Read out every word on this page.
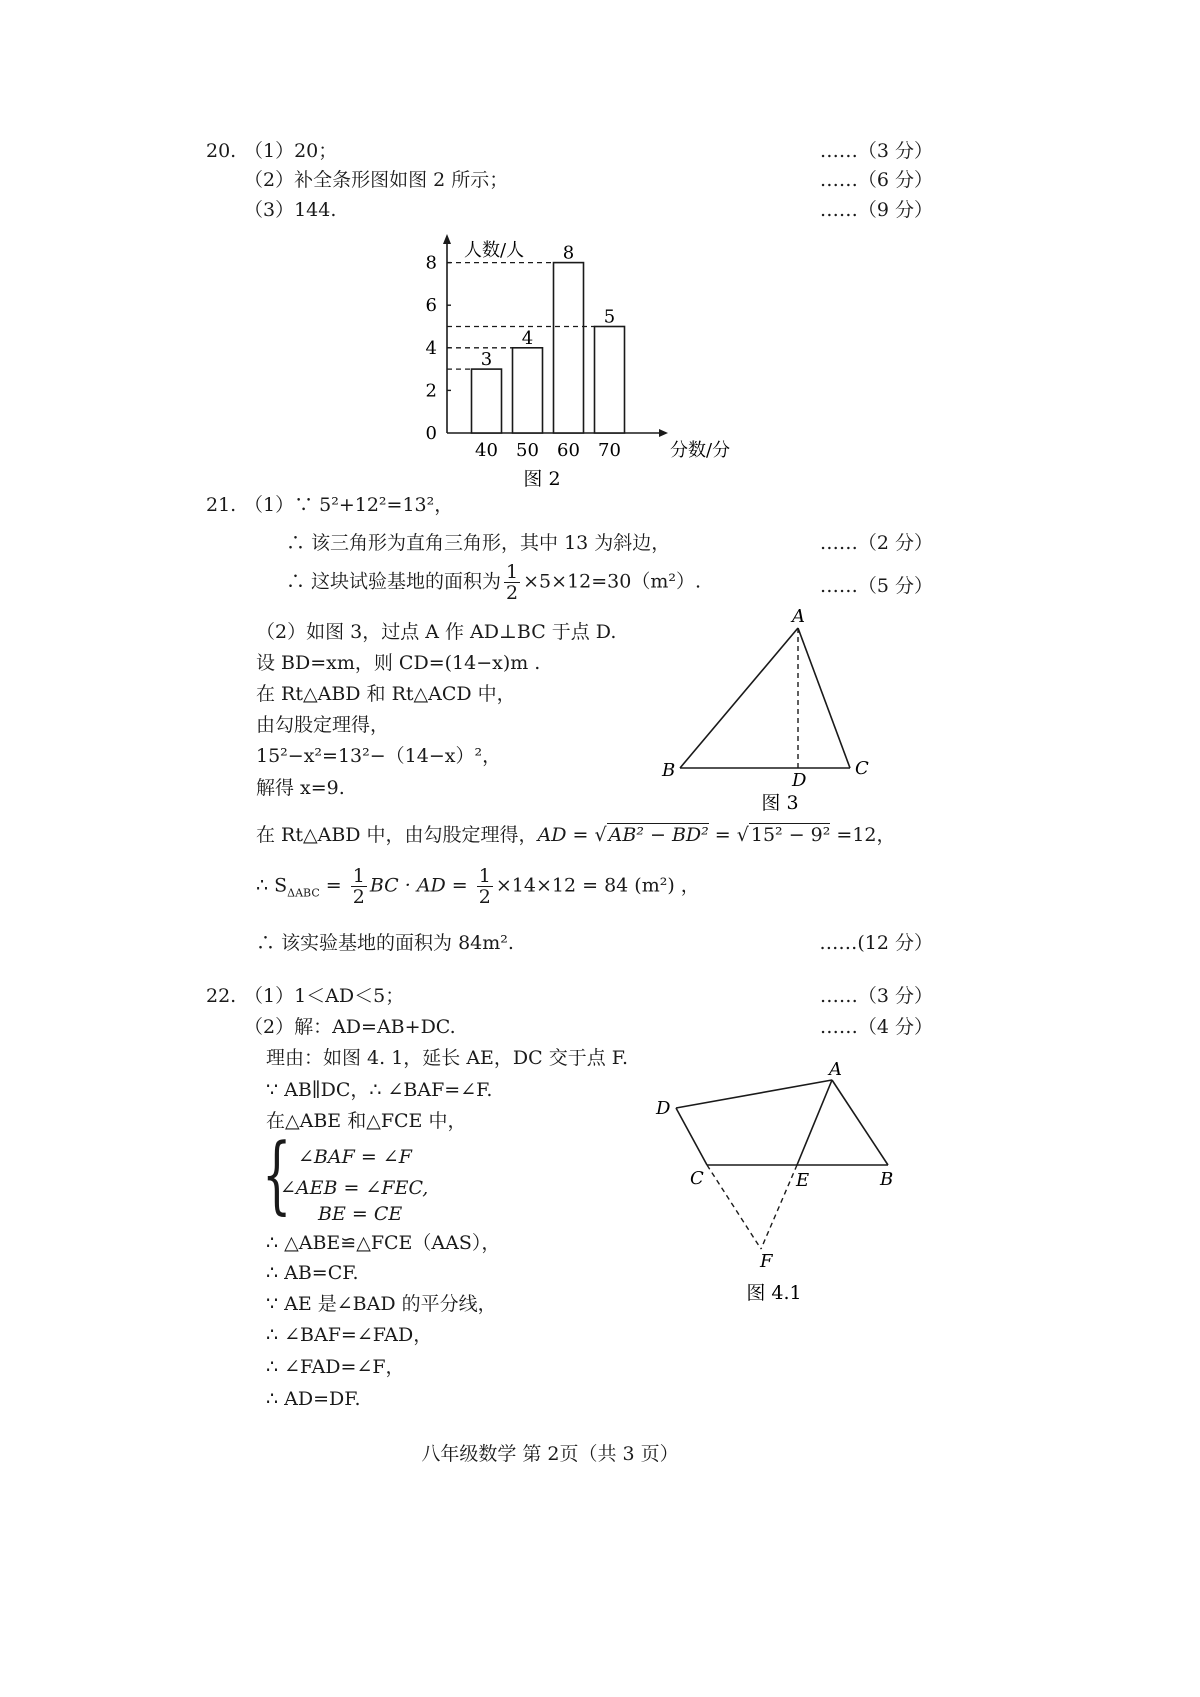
20. （1）20；	……（3 分）
（2）补全条形图如图 2 所示；	……（6 分）
（3）144.	……（9 分）
0
2
4
6
8
人数/人
分数/分
3
40
4
50
8
60
5
70
图 2
21. （1）∵ 5²+12²=13²，
∴ 该三角形为直角三角形，其中 13 为斜边，	……（2 分）
∴ 这块试验基地的面积为 $\frac{1}{2} \times 5\times 12=30(m^2)$.	……（5 分）
（2）如图 3，过点 A 作 AD⊥BC 于点 D.
设 BD=xm，则 CD=(14−x)m .
在 Rt△ABD 和 Rt△ACD 中，
由勾股定理得，
15²−x²=13²−（14−x）²，
解得 x=9.
A
B	C
D
图 3
在 Rt△ABD 中，由勾股定理得，AD = √ AB² − BD² = √ 15² − 9² =12，
∴ $S_{\Delta ABC} = \frac{1}{2}$ BC · AD = $\frac{1}{2} \times 14\times 12 = 84$ (m²) ，
∴ 该实验基地的面积为 84m².	……(12 分）
22. （1）1＜AD＜5；	……（3 分）
（2）解：AD=AB+DC.	……（4 分）
理由：如图 4. 1，延长 AE，DC 交于点 F.
∵ AB∥DC，∴ ∠BAF=∠F.
在△ABE 和△FCE 中，
{ ∠BAF = ∠F
∠AEB = ∠FEC,
BE = CE
∴ △ABE≌△FCE（AAS），
∴ AB=CF.
∵ AE 是∠BAD 的平分线，
∴ ∠BAF=∠FAD，
∴ ∠FAD=∠F，
∴ AD=DF.
A
B
C
D
E
F
图 4.1
八年级数学 第 2页（共 3 页）
